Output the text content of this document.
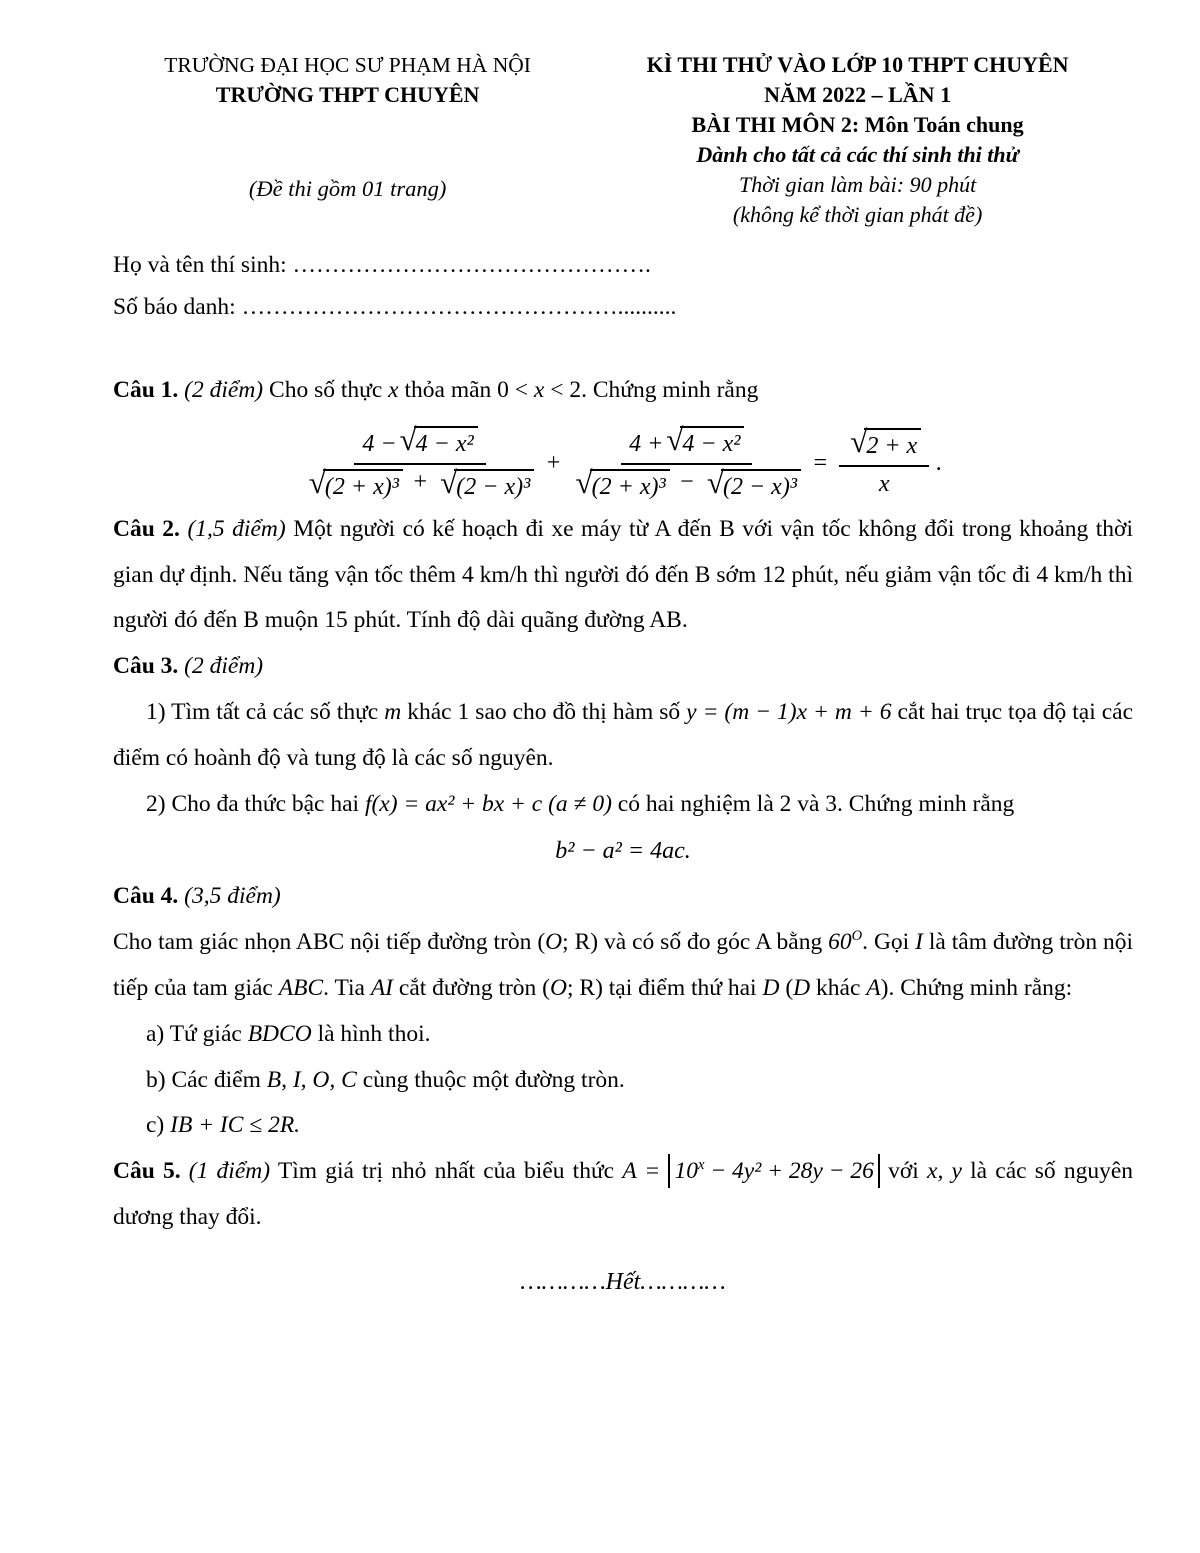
TRƯỜNG ĐẠI HỌC SƯ PHẠM HÀ NỘI
TRƯỜNG THPT CHUYÊN
(Đề thi gồm 01 trang)
KÌ THI THỬ VÀO LỚP 10 THPT CHUYÊN
NĂM 2022 – LẦN 1
BÀI THI MÔN 2: Môn Toán chung
Dành cho tất cả các thí sinh thi thử
Thời gian làm bài: 90 phút
(không kể thời gian phát đề)
Họ và tên thí sinh: ……………………………………….
Số báo danh: …………………………………………..........

Câu 1. (2 điểm) Cho số thực x thỏa mãn 0 < x < 2. Chứng minh rằng

$\frac{\text{4 − √ 4 − x²}}{\text{√ (2 + x)³ + √ (2 − x)³}} + \frac{\text{4 + √ 4 − x²}}{\text{√ (2 + x)³ − √ (2 − x)³}} = \frac{√ 2 + x}{x}$ .

Câu 2. (1,5 điểm) Một người có kế hoạch đi xe máy từ A đến B với vận tốc không đổi trong khoảng thời gian dự định. Nếu tăng vận tốc thêm 4 km/h thì người đó đến B sớm 12 phút, nếu giảm vận tốc đi 4 km/h thì người đó đến B muộn 15 phút. Tính độ dài quãng đường AB.

Câu 3. (2 điểm)

1) Tìm tất cả các số thực m khác 1 sao cho đồ thị hàm số y = (m − 1)x + m + 6 cắt hai trục tọa độ tại các điểm có hoành độ và tung độ là các số nguyên.

2) Cho đa thức bậc hai f(x) = ax² + bx + c (a ≠ 0) có hai nghiệm là 2 và 3. Chứng minh rằng

b² − a² = 4ac.

Câu 4. (3,5 điểm)

Cho tam giác nhọn ABC nội tiếp đường tròn (O; R) và có số đo góc A bằng $60^O$. Gọi I là tâm đường tròn nội tiếp của tam giác ABC. Tia AI cắt đường tròn (O; R) tại điểm thứ hai D (D khác A). Chứng minh rằng:

a) Tứ giác BDCO là hình thoi.

b) Các điểm B, I, O, C cùng thuộc một đường tròn.

c) IB + IC ≤ 2R.

Câu 5. (1 điểm) Tìm giá trị nhỏ nhất của biểu thức $A = 10^x - 4y^2 + 28y - 26$ với x, y là các số nguyên dương thay đổi.

…………Hết…………
